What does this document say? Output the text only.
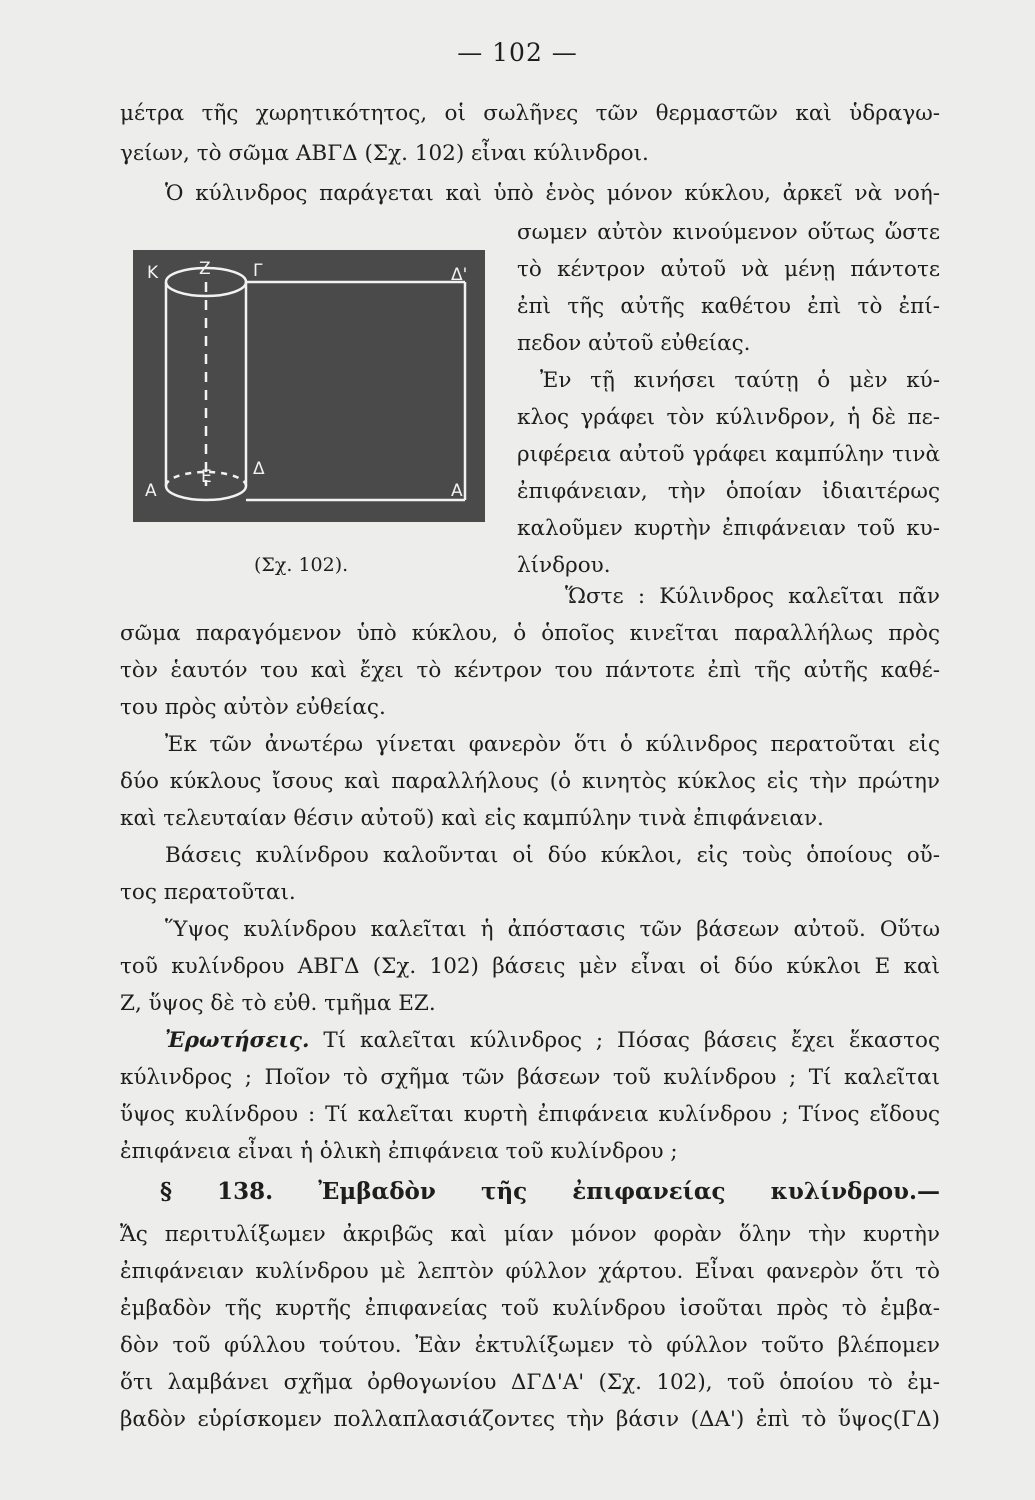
— 102 —
μέτρα τῆς χωρητικότητος, οἱ σωλῆνες τῶν θερμαστῶν καὶ ὑδραγω-
γείων, τὸ σῶμα ΑΒΓΔ (Σχ. 102) εἶναι κύλινδροι.
Ὁ κύλινδρος παράγεται καὶ ὑπὸ ἑνὸς μόνον κύκλου, ἀρκεῖ νὰ νοή-
Κ Ζ Γ	Δ'
Α
Ε Δ
Α'
(Σχ. 102).
σωμεν αὐτὸν κινούμενον οὕτως ὥστε
τὸ κέντρον αὐτοῦ νὰ μένῃ πάντοτε
ἐπὶ τῆς αὐτῆς καθέτου ἐπὶ τὸ ἐπί-
πεδον αὐτοῦ εὐθείας.
Ἐν τῇ κινήσει ταύτῃ ὁ μὲν κύ-
κλος γράφει τὸν κύλινδρον, ἡ δὲ πε-
ριφέρεια αὐτοῦ γράφει καμπύλην τινὰ
ἐπιφάνειαν, τὴν ὁποίαν ἰδιαιτέρως
καλοῦμεν κυρτὴν ἐπιφάνειαν τοῦ κυ-
λίνδρου.
Ὥστε : Κύλινδρος καλεῖται πᾶν
σῶμα παραγόμενον ὑπὸ κύκλου, ὁ ὁποῖος κινεῖται παραλλήλως πρὸς
τὸν ἑαυτόν του καὶ ἔχει τὸ κέντρον του πάντοτε ἐπὶ τῆς αὐτῆς καθέ-
του πρὸς αὐτὸν εὐθείας.
Ἐκ τῶν ἀνωτέρω γίνεται φανερὸν ὅτι ὁ κύλινδρος περατοῦται εἰς
δύο κύκλους ἴσους καὶ παραλλήλους (ὁ κινητὸς κύκλος εἰς τὴν πρώτην
καὶ τελευταίαν θέσιν αὐτοῦ) καὶ εἰς καμπύλην τινὰ ἐπιφάνειαν.
Βάσεις κυλίνδρου καλοῦνται οἱ δύο κύκλοι, εἰς τοὺς ὁποίους οὔ-
τος περατοῦται.
Ὕψος κυλίνδρου καλεῖται ἡ ἀπόστασις τῶν βάσεων αὐτοῦ. Οὕτω
τοῦ κυλίνδρου ΑΒΓΔ (Σχ. 102) βάσεις μὲν εἶναι οἱ δύο κύκλοι Ε καὶ
Ζ, ὕψος δὲ τὸ εὐθ. τμῆμα ΕΖ.
Ἐρωτήσεις. Τί καλεῖται κύλινδρος ; Πόσας βάσεις ἔχει ἕκαστος
κύλινδρος ; Ποῖον τὸ σχῆμα τῶν βάσεων τοῦ κυλίνδρου ; Τί καλεῖται
ὕψος κυλίνδρου : Τί καλεῖται κυρτὴ ἐπιφάνεια κυλίνδρου ; Τίνος εἴδους
ἐπιφάνεια εἶναι ἡ ὁλικὴ ἐπιφάνεια τοῦ κυλίνδρου ;
§ 138. Ἐμβαδὸν τῆς ἐπιφανείας κυλίνδρου.—
Ἄς περιτυλίξωμεν ἀκριβῶς καὶ μίαν μόνον φορὰν ὅλην τὴν κυρτὴν
ἐπιφάνειαν κυλίνδρου μὲ λεπτὸν φύλλον χάρτου. Εἶναι φανερὸν ὅτι τὸ
ἐμβαδὸν τῆς κυρτῆς ἐπιφανείας τοῦ κυλίνδρου ἰσοῦται πρὸς τὸ ἐμβα-
δὸν τοῦ φύλλου τούτου. Ἐὰν ἐκτυλίξωμεν τὸ φύλλον τοῦτο βλέπομεν
ὅτι λαμβάνει σχῆμα ὀρθογωνίου ΔΓΔ'Α' (Σχ. 102), τοῦ ὁποίου τὸ ἐμ-
βαδὸν εὑρίσκομεν πολλαπλασιάζοντες τὴν βάσιν (ΔΑ') ἐπὶ τὸ ὕψος(ΓΔ)
